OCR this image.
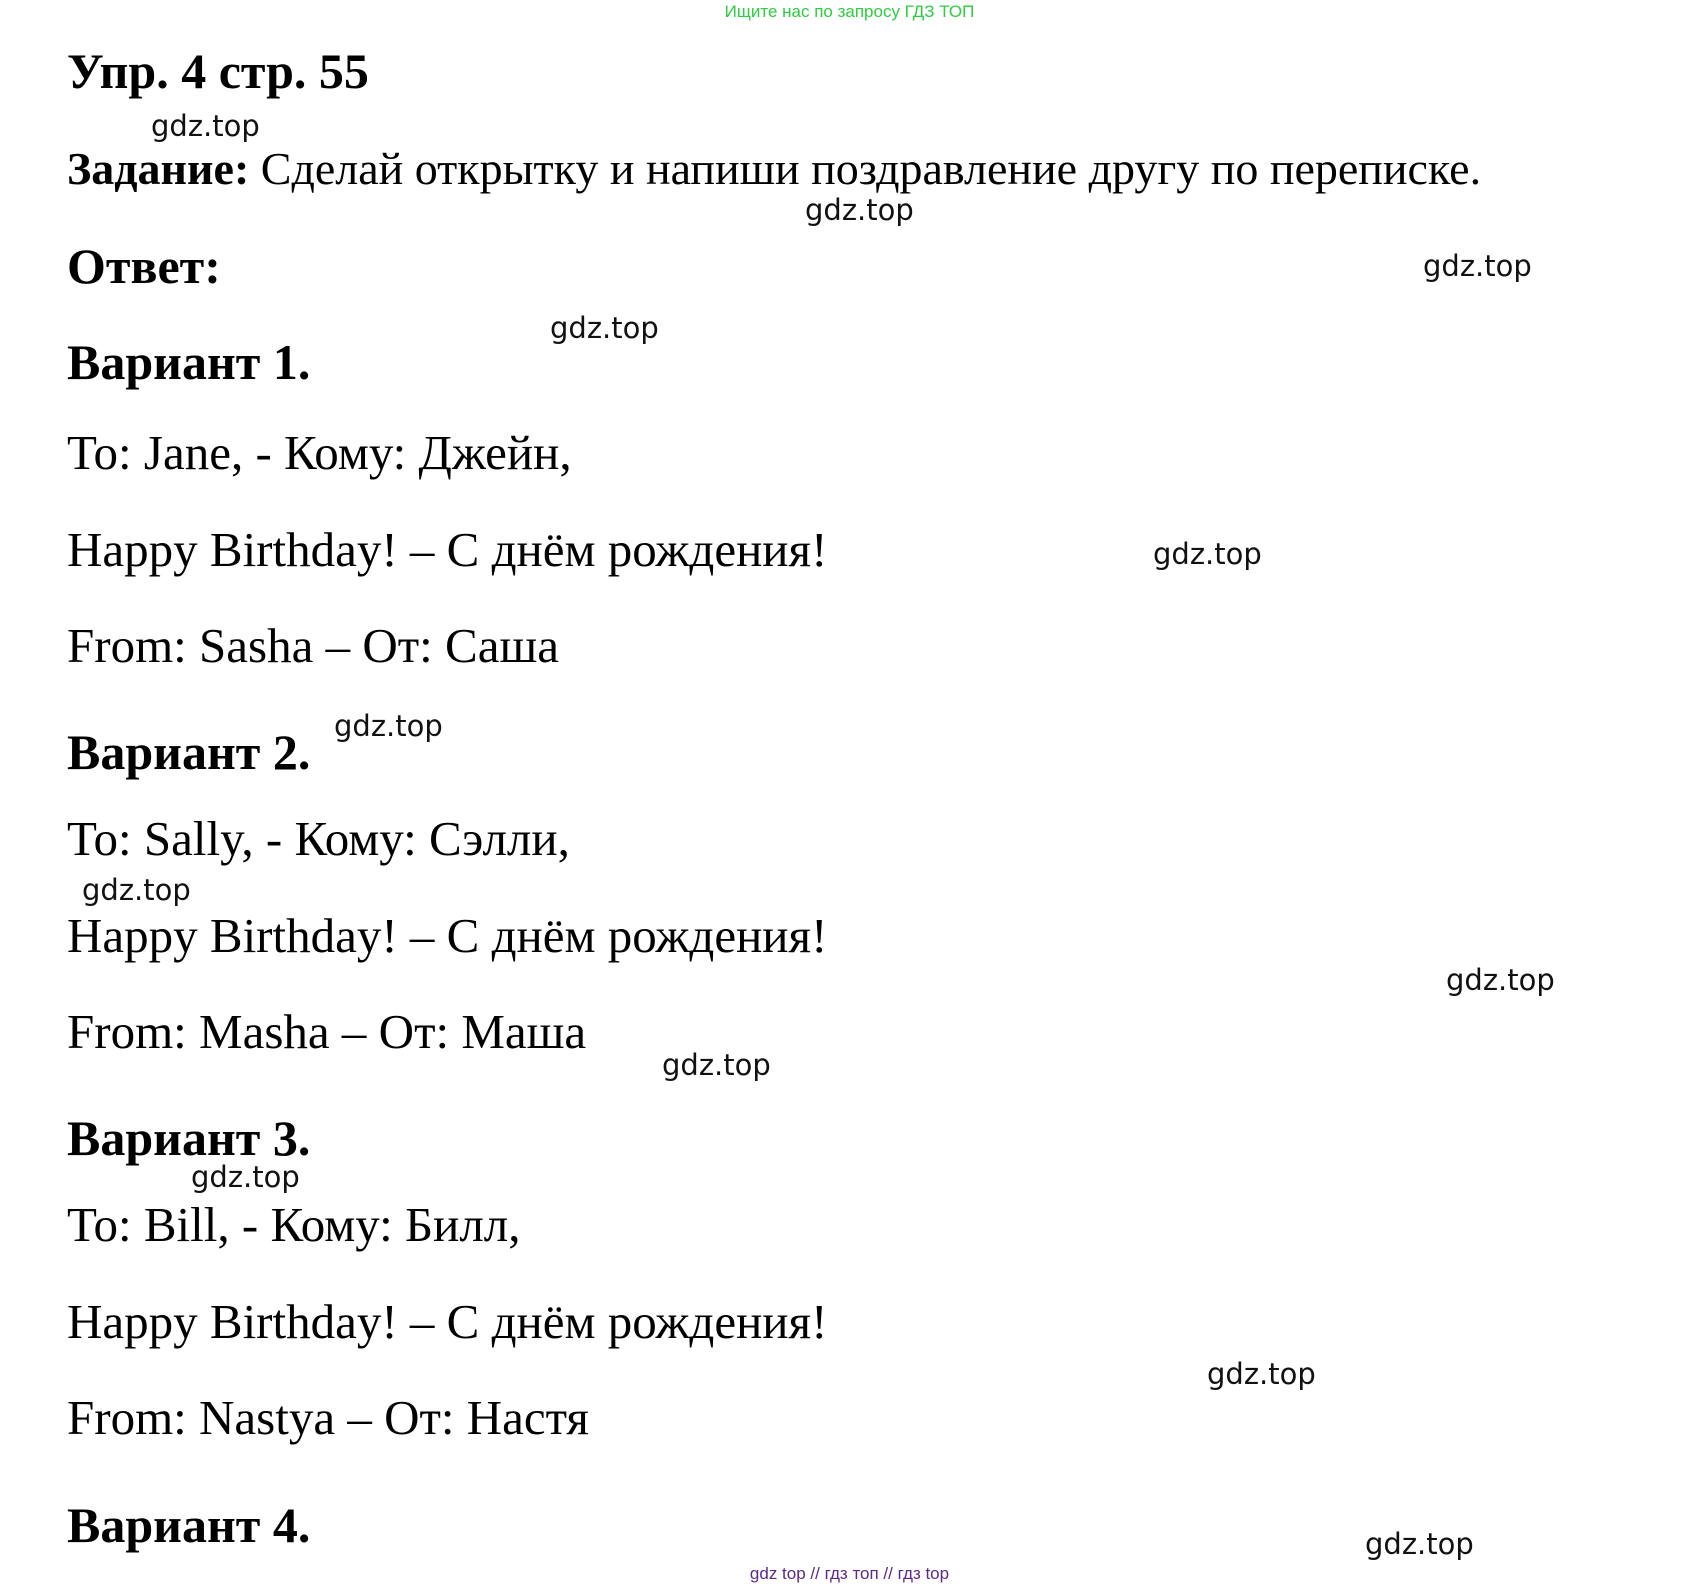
Ищите нас по запросу ГДЗ ТОП
Упр. 4 стр. 55
Задание: Сделай открытку и напиши поздравление другу по переписке.
Ответ:
Вариант 1.
To: Jane, - Кому: Джейн,
Happy Birthday! – С днём рождения!
From: Sasha – От: Саша
Вариант 2.
To: Sally, - Кому: Сэлли,
Happy Birthday! – С днём рождения!
From: Masha – От: Маша
Вариант 3.
To: Bill, - Кому: Билл,
Happy Birthday! – С днём рождения!
From: Nastya – От: Настя
Вариант 4.
gdz.top
gdz.top
gdz.top
gdz.top
gdz.top
gdz.top
gdz.top
gdz.top
gdz.top
gdz.top
gdz.top
gdz.top
gdz top // гдз топ // гдз top
